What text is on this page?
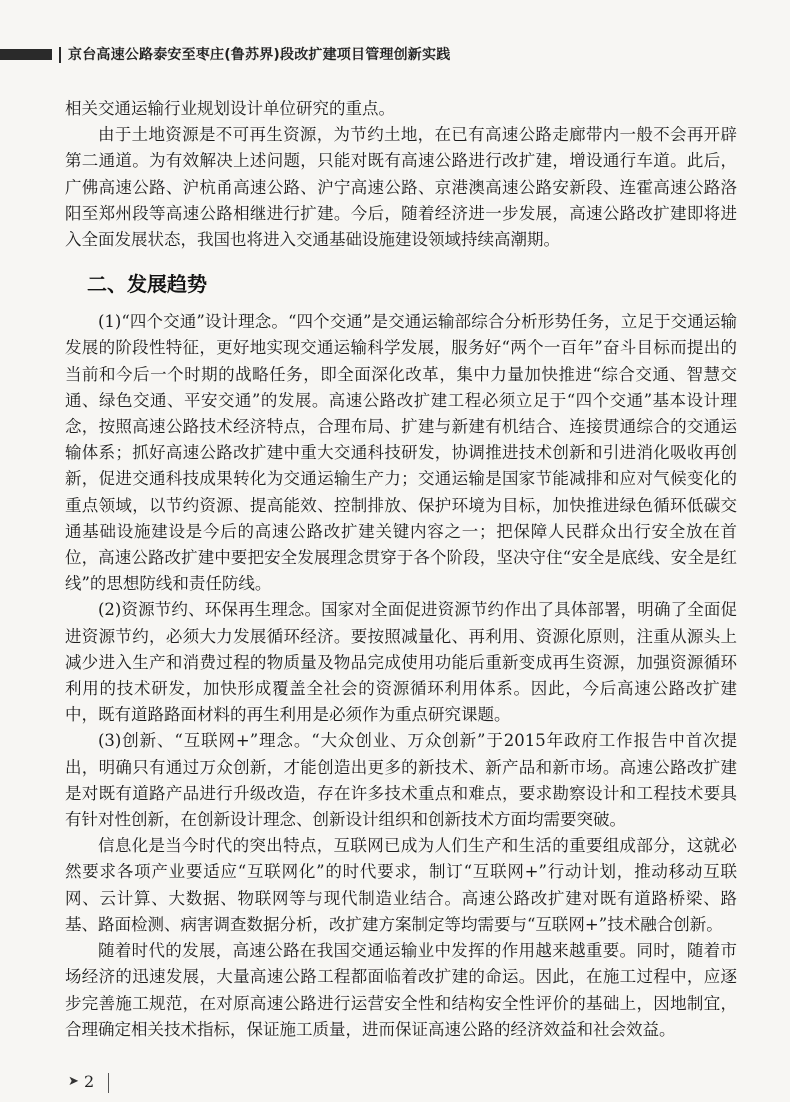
京台高速公路泰安至枣庄(鲁苏界)段改扩建项目管理创新实践

相关交通运输行业规划设计单位研究的重点。

由于土地资源是不可再生资源，为节约土地，在已有高速公路走廊带内一般不会再开辟第二通道。为有效解决上述问题，只能对既有高速公路进行改扩建，增设通行车道。此后，广佛高速公路、沪杭甬高速公路、沪宁高速公路、京港澳高速公路安新段、连霍高速公路洛阳至郑州段等高速公路相继进行扩建。今后，随着经济进一步发展，高速公路改扩建即将进入全面发展状态，我国也将进入交通基础设施建设领域持续高潮期。

二、发展趋势

(1)“四个交通”设计理念。“四个交通”是交通运输部综合分析形势任务，立足于交通运输发展的阶段性特征，更好地实现交通运输科学发展，服务好“两个一百年”奋斗目标而提出的当前和今后一个时期的战略任务，即全面深化改革，集中力量加快推进“综合交通、智慧交通、绿色交通、平安交通”的发展。高速公路改扩建工程必须立足于“四个交通”基本设计理念，按照高速公路技术经济特点，合理布局、扩建与新建有机结合、连接贯通综合的交通运输体系；抓好高速公路改扩建中重大交通科技研发，协调推进技术创新和引进消化吸收再创新，促进交通科技成果转化为交通运输生产力；交通运输是国家节能减排和应对气候变化的重点领域，以节约资源、提高能效、控制排放、保护环境为目标，加快推进绿色循环低碳交通基础设施建设是今后的高速公路改扩建关键内容之一；把保障人民群众出行安全放在首位，高速公路改扩建中要把安全发展理念贯穿于各个阶段，坚决守住“安全是底线、安全是红线”的思想防线和责任防线。

(2)资源节约、环保再生理念。国家对全面促进资源节约作出了具体部署，明确了全面促进资源节约，必须大力发展循环经济。要按照减量化、再利用、资源化原则，注重从源头上减少进入生产和消费过程的物质量及物品完成使用功能后重新变成再生资源，加强资源循环利用的技术研发，加快形成覆盖全社会的资源循环利用体系。因此，今后高速公路改扩建中，既有道路路面材料的再生利用是必须作为重点研究课题。

(3)创新、“互联网+”理念。“大众创业、万众创新”于2015年政府工作报告中首次提出，明确只有通过万众创新，才能创造出更多的新技术、新产品和新市场。高速公路改扩建是对既有道路产品进行升级改造，存在许多技术重点和难点，要求勘察设计和工程技术要具有针对性创新，在创新设计理念、创新设计组织和创新技术方面均需要突破。

信息化是当今时代的突出特点，互联网已成为人们生产和生活的重要组成部分，这就必然要求各项产业要适应“互联网化”的时代要求，制订“互联网+”行动计划，推动移动互联网、云计算、大数据、物联网等与现代制造业结合。高速公路改扩建对既有道路桥梁、路基、路面检测、病害调查数据分析，改扩建方案制定等均需要与“互联网+”技术融合创新。

随着时代的发展，高速公路在我国交通运输业中发挥的作用越来越重要。同时，随着市场经济的迅速发展，大量高速公路工程都面临着改扩建的命运。因此，在施工过程中，应逐步完善施工规范，在对原高速公路进行运营安全性和结构安全性评价的基础上，因地制宜，合理确定相关技术指标，保证施工质量，进而保证高速公路的经济效益和社会效益。

➤ 2
